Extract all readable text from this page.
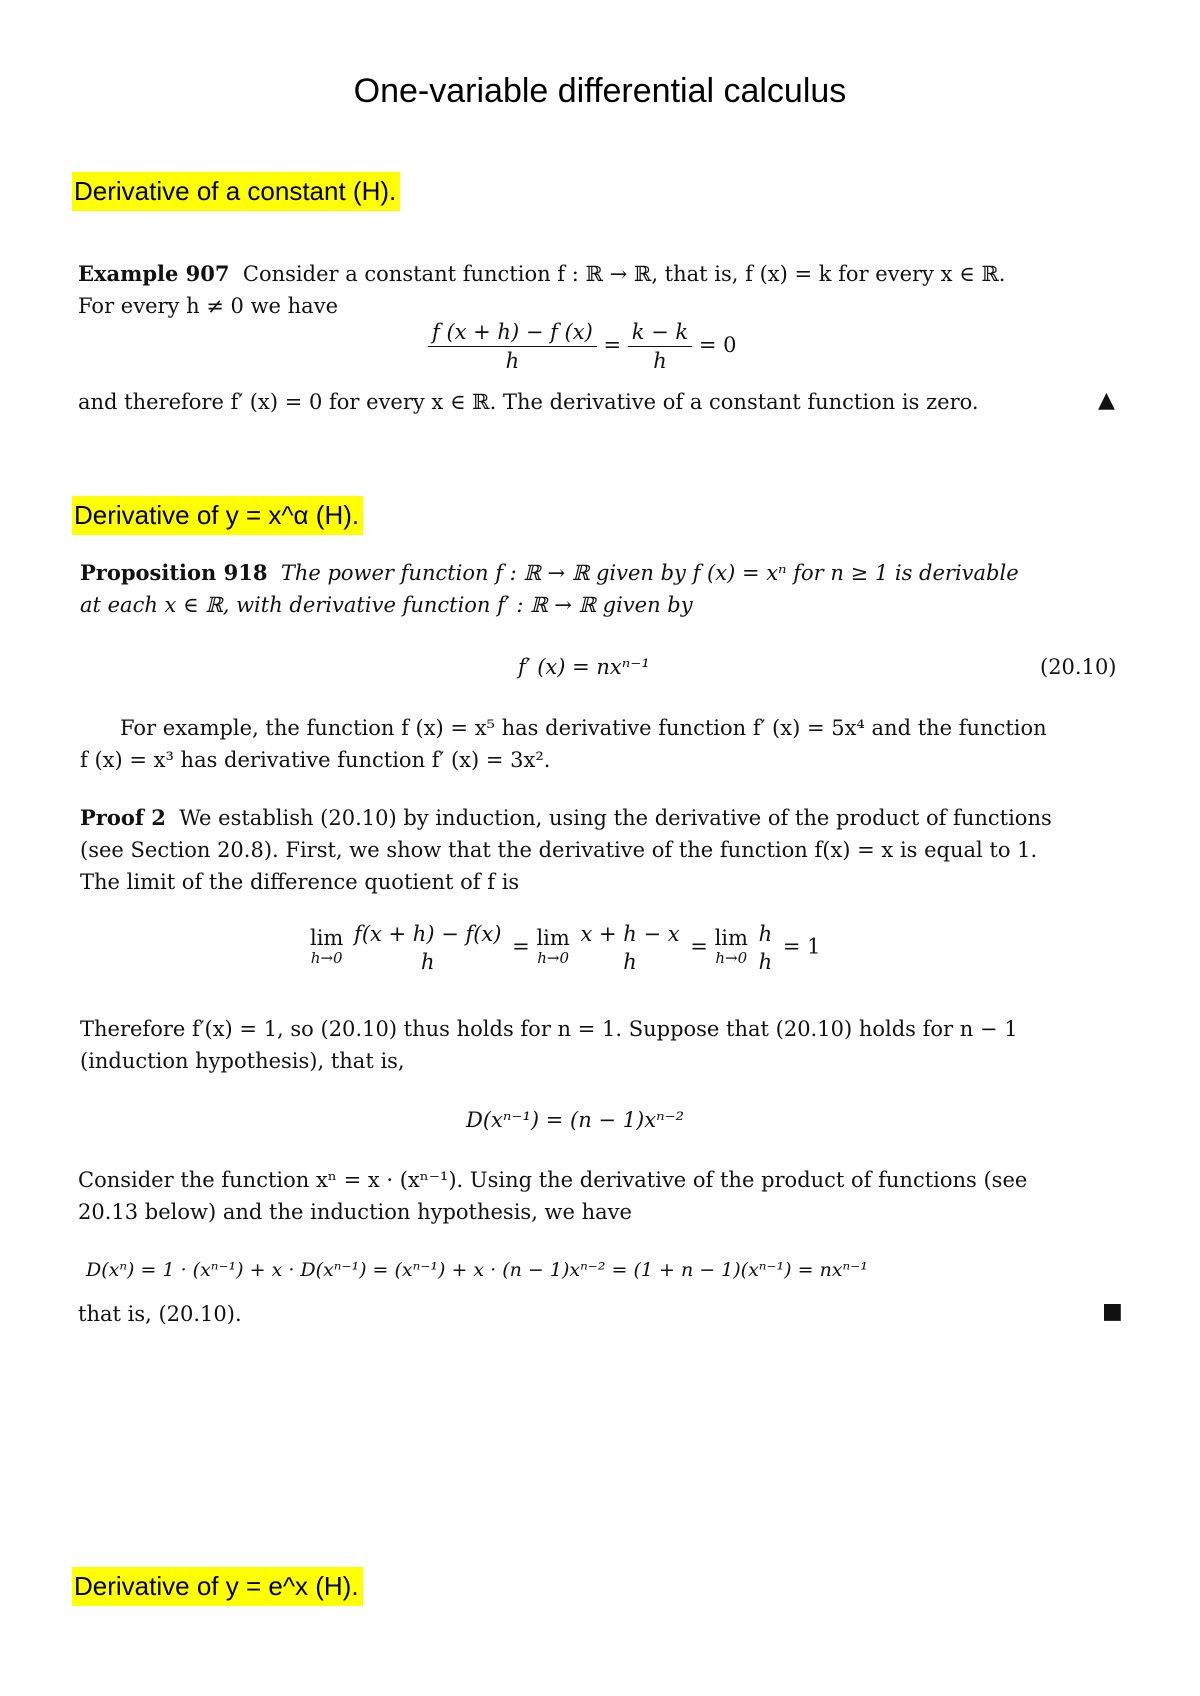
One-variable differential calculus
Derivative of a constant (H).
Example 907 Consider a constant function f : ℝ → ℝ, that is, f (x) = k for every x ∈ ℝ.
For every h ≠ 0 we have
$\frac{f (x + h) - f (x)}{h} = \frac{k - k}{h} = 0$
and therefore f′ (x) = 0 for every x ∈ ℝ. The derivative of a constant function is zero.	▲
Derivative of y = x^α (H).
Proposition 918 The power function f : ℝ → ℝ given by f (x) = xⁿ for n ≥ 1 is derivable
at each x ∈ ℝ, with derivative function f′ : ℝ → ℝ given by
f′ (x) = nxⁿ⁻¹	(20.10)
For example, the function f (x) = x⁵ has derivative function f′ (x) = 5x⁴ and the function
f (x) = x³ has derivative function f′ (x) = 3x².
Proof 2 We establish (20.10) by induction, using the derivative of the product of functions
(see Section 20.8). First, we show that the derivative of the function f(x) = x is equal to 1.
The limit of the difference quotient of f is
lim
h→0

f(x + h) − f(x)
h
= lim
h→0

x + h − x
h
= lim
h→0

h
h
= 1
Therefore f′(x) = 1, so (20.10) thus holds for n = 1. Suppose that (20.10) holds for n − 1
(induction hypothesis), that is,
D(xⁿ⁻¹) = (n − 1)xⁿ⁻²
Consider the function xⁿ = x · (xⁿ⁻¹). Using the derivative of the product of functions (see
20.13 below) and the induction hypothesis, we have
D(xⁿ) = 1 · (xⁿ⁻¹) + x · D(xⁿ⁻¹) = (xⁿ⁻¹) + x · (n − 1)xⁿ⁻² = (1 + n − 1)(xⁿ⁻¹) = nxⁿ⁻¹
that is, (20.10).	■
Derivative of y = e^x (H).
